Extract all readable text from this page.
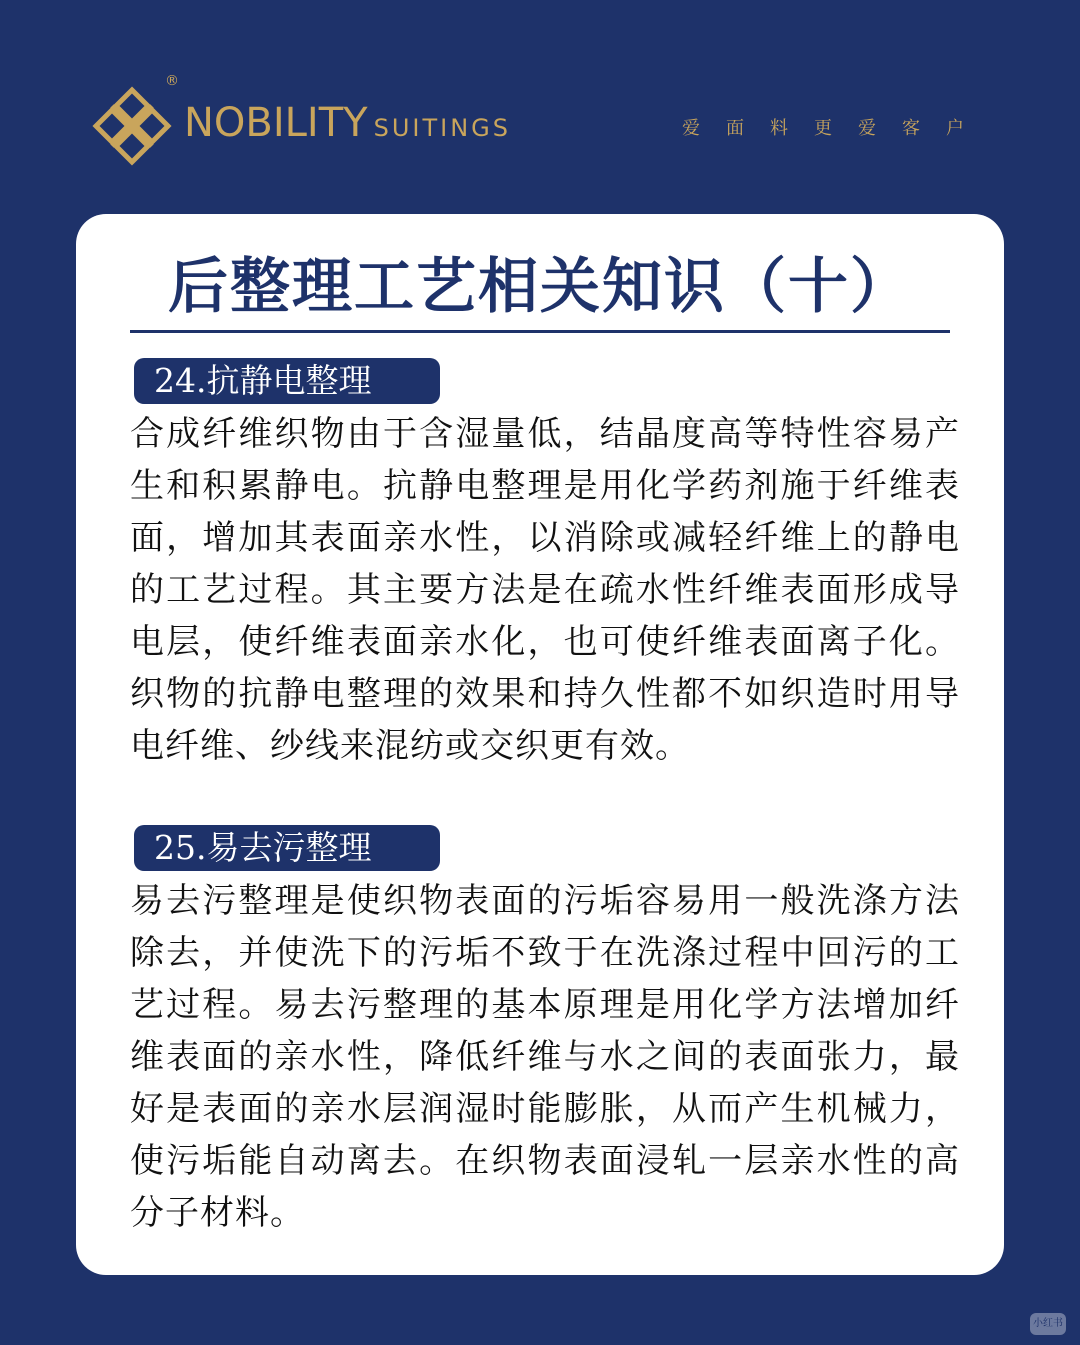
®
NOBILITY SUITINGS	爱面料更爱客户
后整理工艺相关知识（十）
24.抗静电整理

合成纤维织物由于含湿量低，结晶度高等特性容易产生和积累静电。抗静电整理是用化学药剂施于纤维表面，增加其表面亲水性，以消除或减轻纤维上的静电的工艺过程。其主要方法是在疏水性纤维表面形成导电层，使纤维表面亲水化，也可使纤维表面离子化。织物的抗静电整理的效果和持久性都不如织造时用导电纤维、纱线来混纺或交织更有效。

25.易去污整理

易去污整理是使织物表面的污垢容易用一般洗涤方法除去，并使洗下的污垢不致于在洗涤过程中回污的工艺过程。易去污整理的基本原理是用化学方法增加纤维表面的亲水性，降低纤维与水之间的表面张力，最好是表面的亲水层润湿时能膨胀，从而产生机械力，使污垢能自动离去。在织物表面浸轧一层亲水性的高分子材料。

小红书
